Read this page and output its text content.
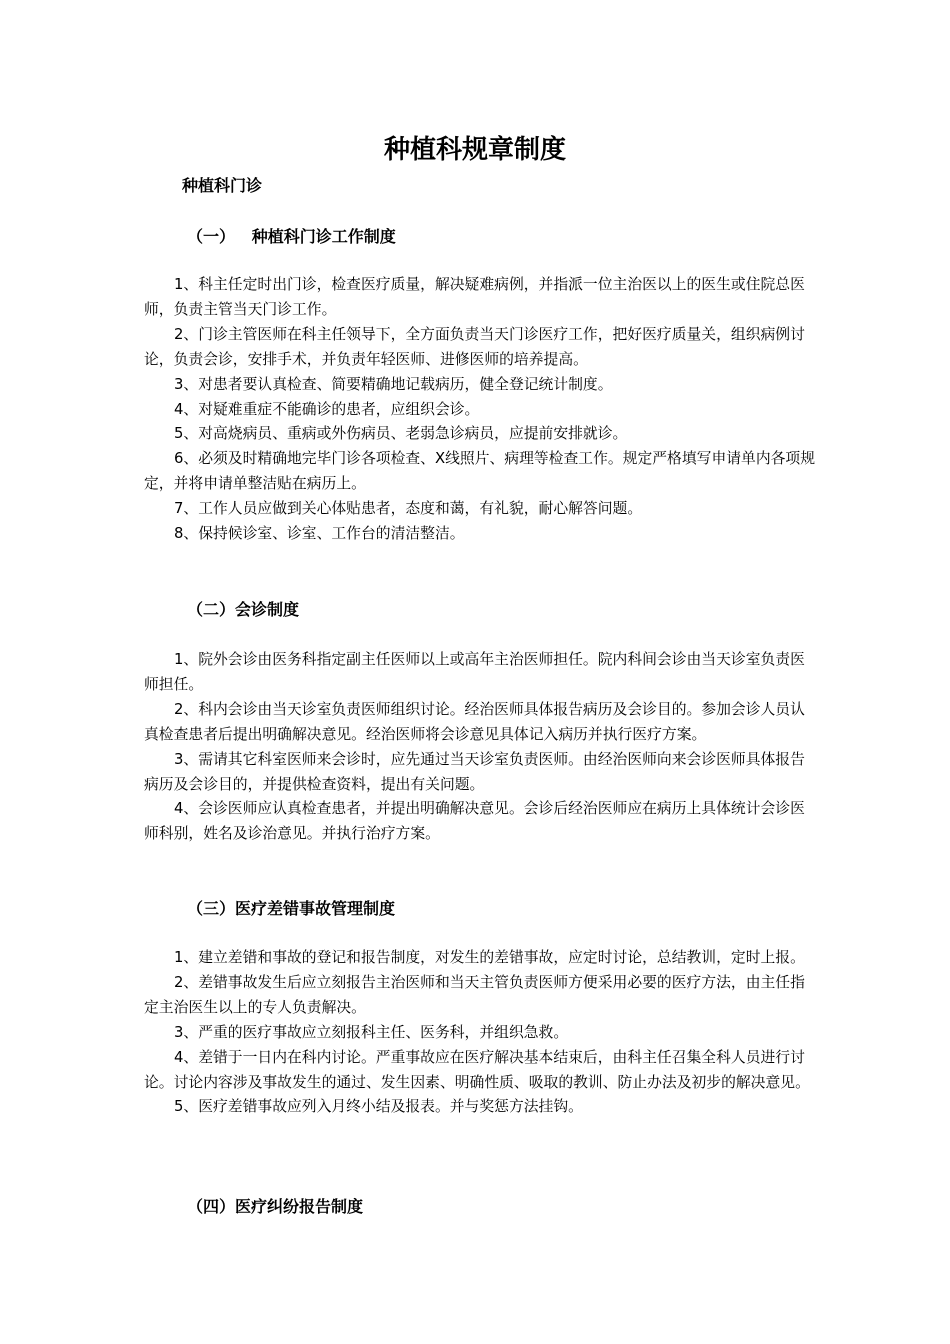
种植科规章制度
种植科门诊
（一）   种植科门诊工作制度

1、科主任定时出门诊，检查医疗质量，解决疑难病例，并指派一位主治医以上的医生或住院总医师，负责主管当天门诊工作。

2、门诊主管医师在科主任领导下，全方面负责当天门诊医疗工作，把好医疗质量关，组织病例讨论，负责会诊，安排手术，并负责年轻医师、进修医师的培养提高。

3、对患者要认真检查、简要精确地记载病历，健全登记统计制度。

4、对疑难重症不能确诊的患者，应组织会诊。

5、对高烧病员、重病或外伤病员、老弱急诊病员，应提前安排就诊。

6、必须及时精确地完毕门诊各项检查、X线照片、病理等检查工作。规定严格填写申请单内各项规定，并将申请单整洁贴在病历上。

7、工作人员应做到关心体贴患者，态度和蔼，有礼貌，耐心解答问题。

8、保持候诊室、诊室、工作台的清洁整洁。

（二）会诊制度

1、院外会诊由医务科指定副主任医师以上或高年主治医师担任。院内科间会诊由当天诊室负责医师担任。

2、科内会诊由当天诊室负责医师组织讨论。经治医师具体报告病历及会诊目的。参加会诊人员认真检查患者后提出明确解决意见。经治医师将会诊意见具体记入病历并执行医疗方案。

3、需请其它科室医师来会诊时，应先通过当天诊室负责医师。由经治医师向来会诊医师具体报告病历及会诊目的，并提供检查资料，提出有关问题。

4、会诊医师应认真检查患者，并提出明确解决意见。会诊后经治医师应在病历上具体统计会诊医师科别，姓名及诊治意见。并执行治疗方案。

（三）医疗差错事故管理制度

1、建立差错和事故的登记和报告制度，对发生的差错事故，应定时讨论，总结教训，定时上报。

2、差错事故发生后应立刻报告主治医师和当天主管负责医师方便采用必要的医疗方法，由主任指定主治医生以上的专人负责解决。

3、严重的医疗事故应立刻报科主任、医务科，并组织急救。

4、差错于一日内在科内讨论。严重事故应在医疗解决基本结束后，由科主任召集全科人员进行讨论。讨论内容涉及事故发生的通过、发生因素、明确性质、吸取的教训、防止办法及初步的解决意见。

5、医疗差错事故应列入月终小结及报表。并与奖惩方法挂钩。

（四）医疗纠纷报告制度
